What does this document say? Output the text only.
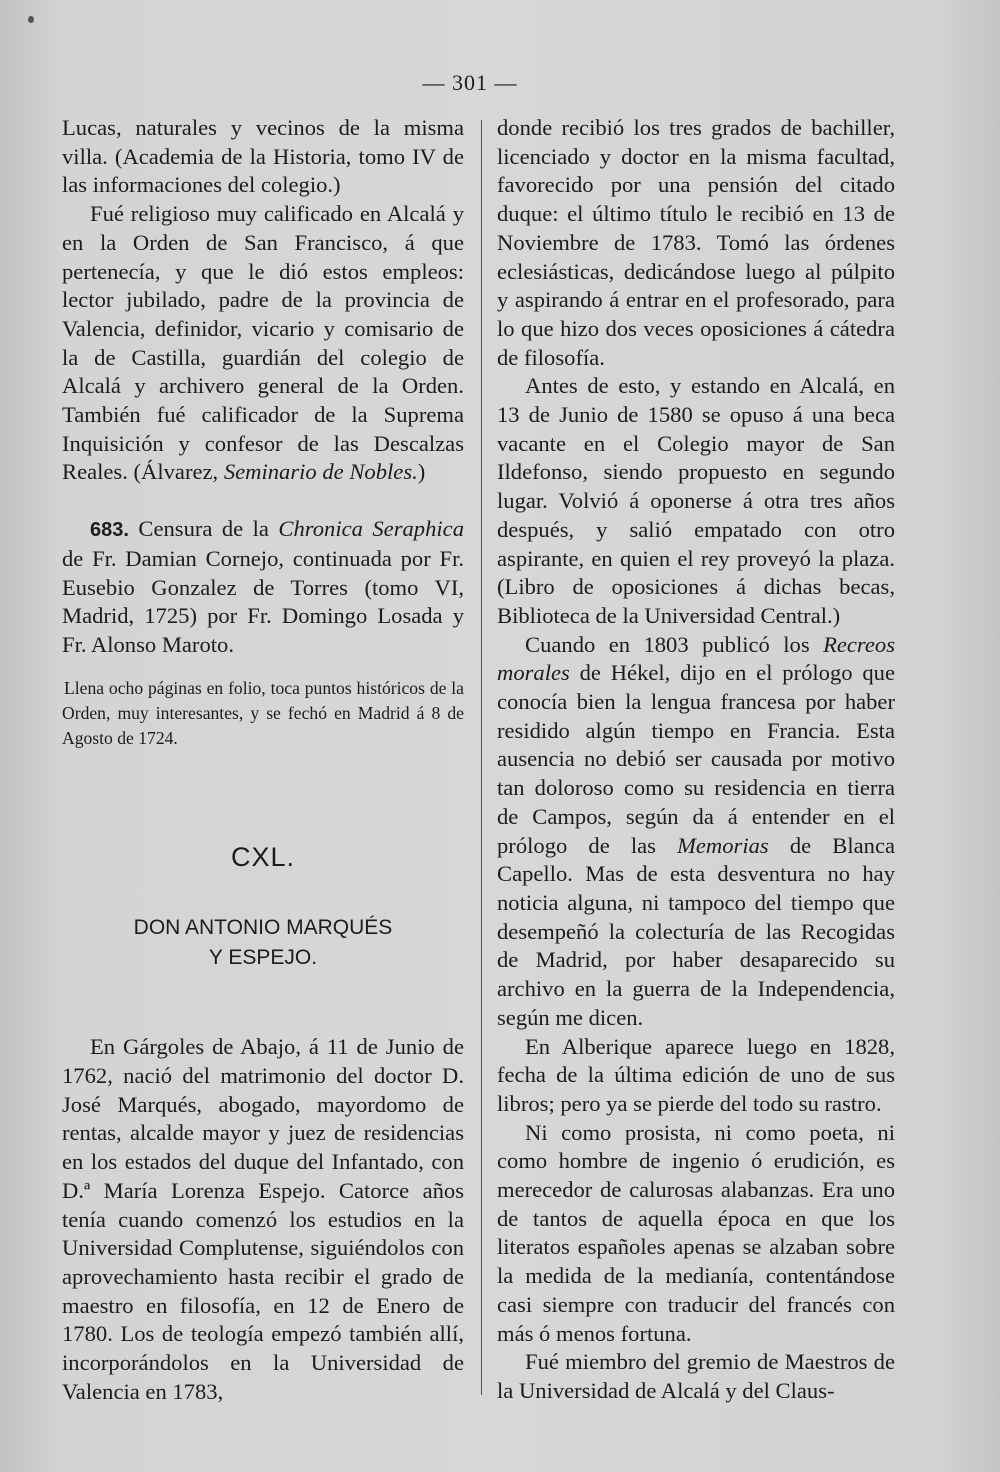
— 301 —

Lucas, naturales y vecinos de la misma villa. (Academia de la Historia, tomo IV de las informaciones del colegio.)

Fué religioso muy calificado en Alcalá y en la Orden de San Francisco, á que pertenecía, y que le dió estos empleos: lector jubilado, padre de la provincia de Valencia, definidor, vicario y comisario de la de Castilla, guardián del colegio de Alcalá y archivero general de la Orden. También fué calificador de la Suprema Inquisición y confesor de las Descalzas Reales. (Álvarez, Seminario de Nobles.)

683. Censura de la Chronica Seraphica de Fr. Damian Cornejo, continuada por Fr. Eusebio Gonzalez de Torres (tomo VI, Madrid, 1725) por Fr. Domingo Losada y Fr. Alonso Maroto.

Llena ocho páginas en folio, toca puntos históricos de la Orden, muy interesantes, y se fechó en Madrid á 8 de Agosto de 1724.

CXL.
DON ANTONIO MARQUÉS
Y ESPEJO.

En Gárgoles de Abajo, á 11 de Junio de 1762, nació del matrimonio del doctor D. José Marqués, abogado, mayordomo de rentas, alcalde mayor y juez de residencias en los estados del duque del Infantado, con D.ª María Lorenza Espejo. Catorce años tenía cuando comenzó los estudios en la Universidad Complutense, siguiéndolos con aprovechamiento hasta recibir el grado de maestro en filosofía, en 12 de Enero de 1780. Los de teología empezó también allí, incorporándolos en la Universidad de Valencia en 1783,

donde recibió los tres grados de bachiller, licenciado y doctor en la misma facultad, favorecido por una pensión del citado duque: el último título le recibió en 13 de Noviembre de 1783. Tomó las órdenes eclesiásticas, dedicándose luego al púlpito y aspirando á entrar en el profesorado, para lo que hizo dos veces oposiciones á cátedra de filosofía.

Antes de esto, y estando en Alcalá, en 13 de Junio de 1580 se opuso á una beca vacante en el Colegio mayor de San Ildefonso, siendo propuesto en segundo lugar. Volvió á oponerse á otra tres años después, y salió empatado con otro aspirante, en quien el rey proveyó la plaza. (Libro de oposiciones á dichas becas, Biblioteca de la Universidad Central.)

Cuando en 1803 publicó los Recreos morales de Hékel, dijo en el prólogo que conocía bien la lengua francesa por haber residido algún tiempo en Francia. Esta ausencia no debió ser causada por motivo tan doloroso como su residencia en tierra de Campos, según da á entender en el prólogo de las Memorias de Blanca Capello. Mas de esta desventura no hay noticia alguna, ni tampoco del tiempo que desempeñó la colecturía de las Recogidas de Madrid, por haber desaparecido su archivo en la guerra de la Independencia, según me dicen.

En Alberique aparece luego en 1828, fecha de la última edición de uno de sus libros; pero ya se pierde del todo su rastro.

Ni como prosista, ni como poeta, ni como hombre de ingenio ó erudición, es merecedor de calurosas alabanzas. Era uno de tantos de aquella época en que los literatos españoles apenas se alzaban sobre la medida de la medianía, contentándose casi siempre con traducir del francés con más ó menos fortuna.

Fué miembro del gremio de Maestros de la Universidad de Alcalá y del Claus-
